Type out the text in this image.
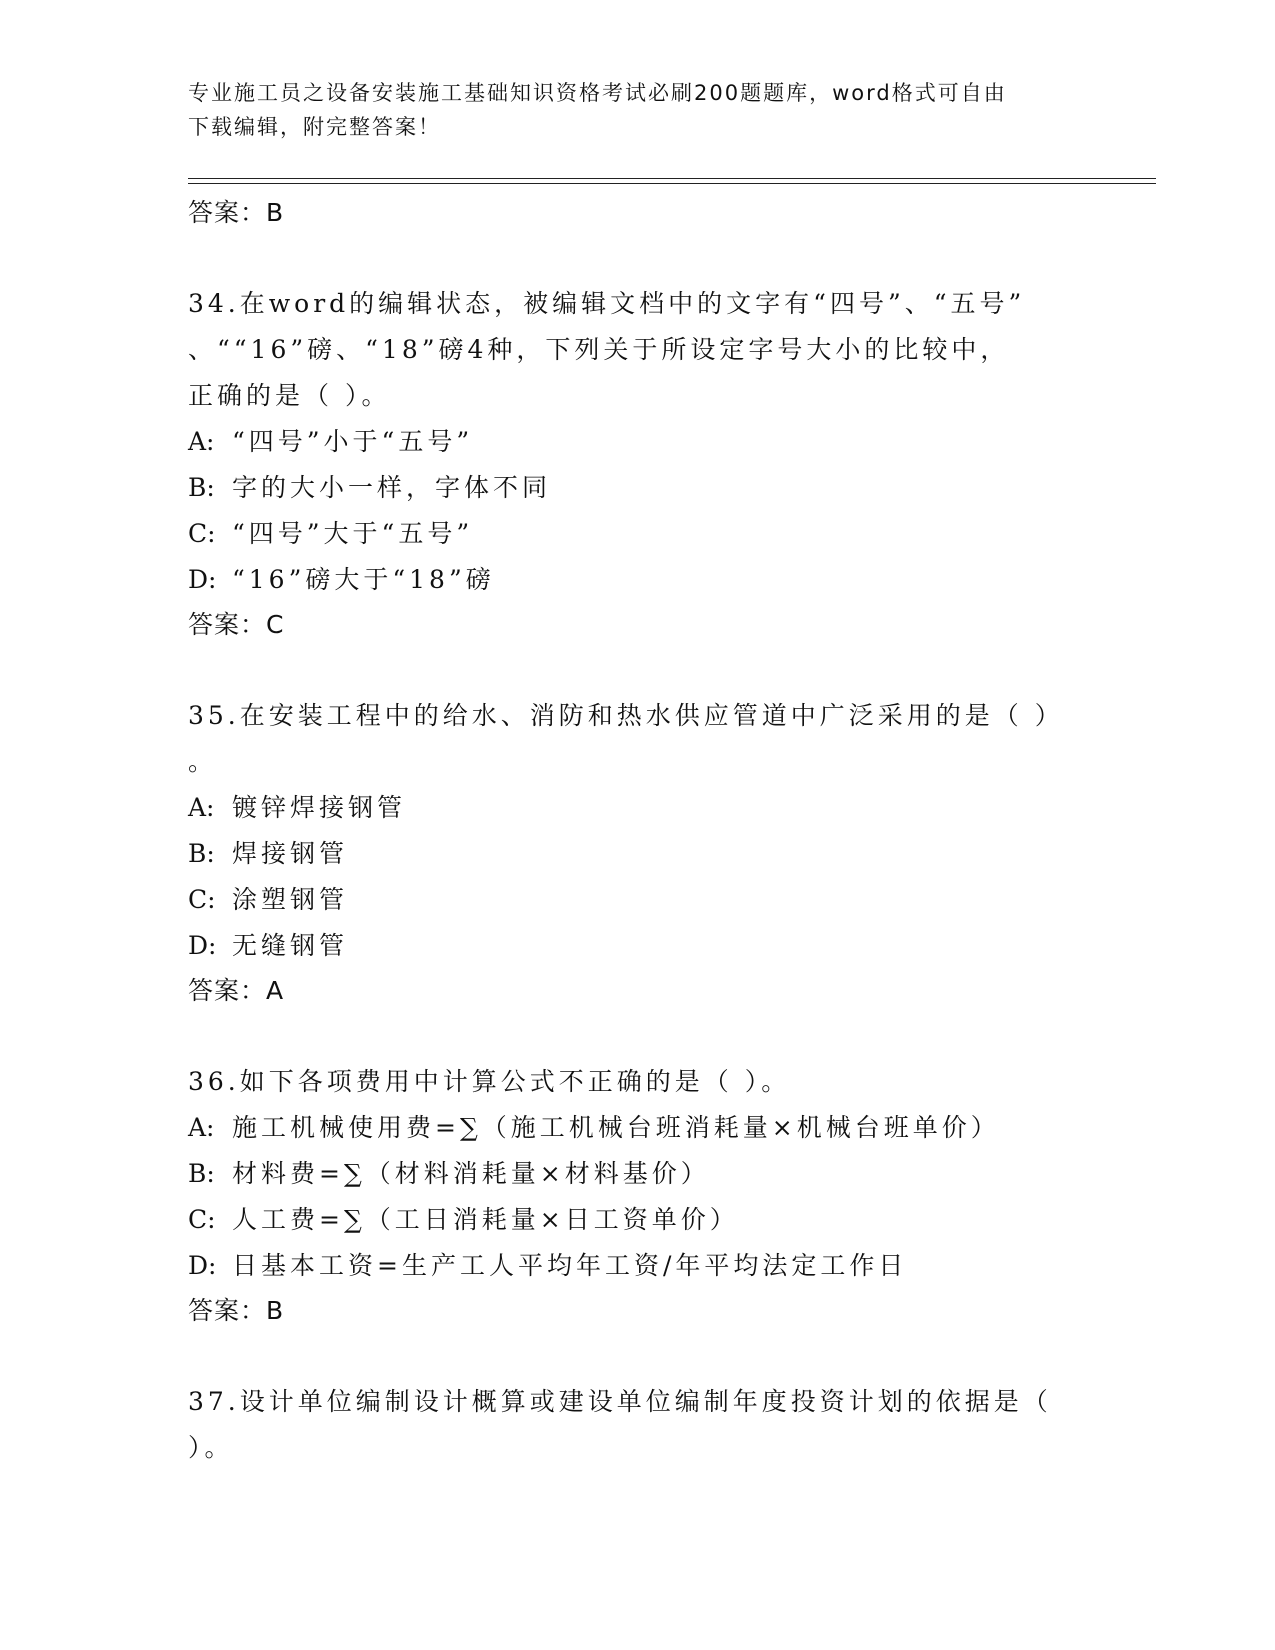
专业施工员之设备安装施工基础知识资格考试必刷200题题库，word格式可自由
下载编辑，附完整答案！
答案：B
34.在word的编辑状态，被编辑文档中的文字有“四号”、“五号”
、““16”磅、“18”磅4种，下列关于所设定字号大小的比较中，
正确的是（ ）。
A: “四号”小于“五号”
B: 字的大小一样，字体不同
C: “四号”大于“五号”
D: “16”磅大于“18”磅
答案：C
35.在安装工程中的给水、消防和热水供应管道中广泛采用的是（ ）
。
A: 镀锌焊接钢管
B: 焊接钢管
C: 涂塑钢管
D: 无缝钢管
答案：A
36.如下各项费用中计算公式不正确的是（ ）。
A: 施工机械使用费=∑（施工机械台班消耗量×机械台班单价）
B: 材料费=∑（材料消耗量×材料基价）
C: 人工费=∑（工日消耗量×日工资单价）
D: 日基本工资=生产工人平均年工资/年平均法定工作日
答案：B
37.设计单位编制设计概算或建设单位编制年度投资计划的依据是（
）。
